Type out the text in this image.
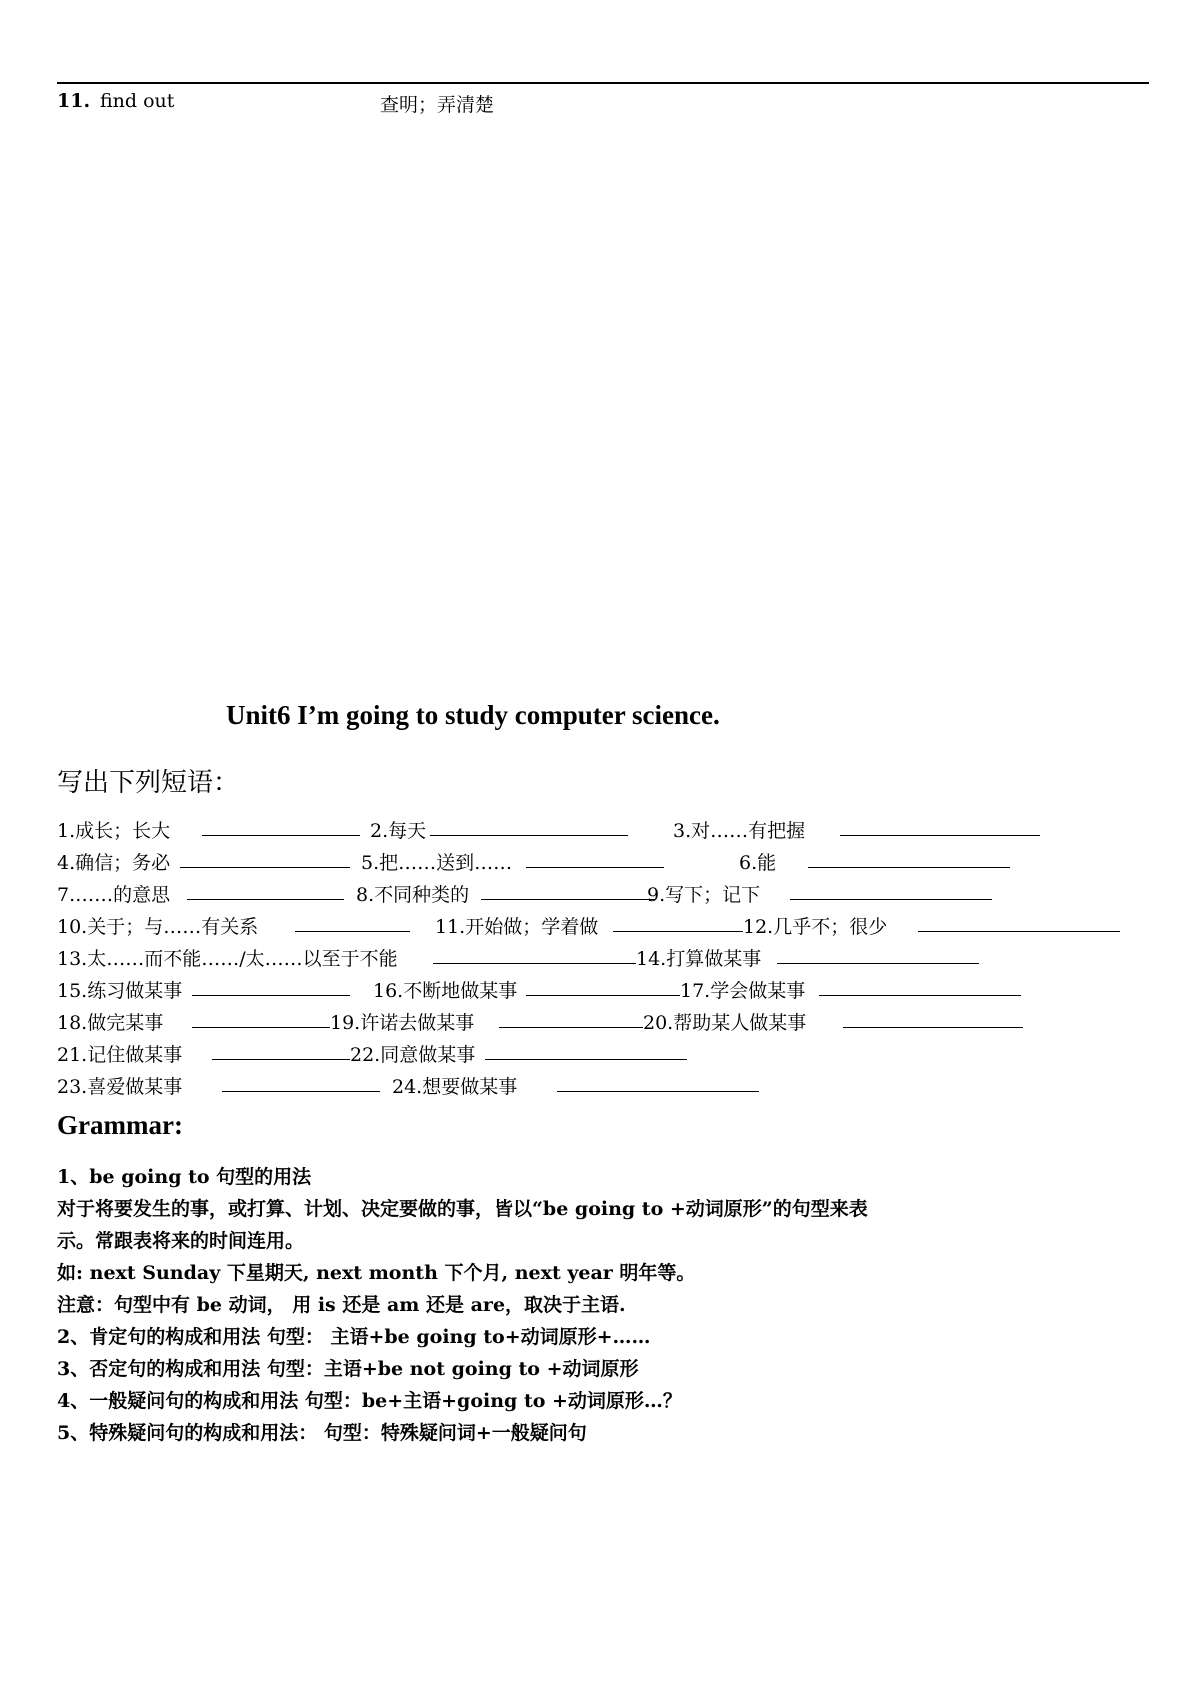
11. find out	查明；弄清楚
Unit6 I’m going to study computer science.
写出下列短语：
1.成长；长大	2.每天	3.对……有把握
4.确信；务必	5.把……送到……	6.能
7.……的意思	8.不同种类的	9.写下；记下
10.关于；与……有关系	11.开始做；学着做	12.几乎不；很少
13.太……而不能……/太……以至于不能	14.打算做某事
15.练习做某事	16.不断地做某事	17.学会做某事
18.做完某事	19.许诺去做某事	20.帮助某人做某事
21.记住做某事	22.同意做某事
23.喜爱做某事	24.想要做某事
Grammar:
1、be going to 句型的用法
对于将要发生的事，或打算、计划、决定要做的事，皆以“be going to +动词原形”的句型来表
示。常跟表将来的时间连用。
如: next Sunday 下星期天, next month 下个月, next year 明年等。
注意：句型中有 be 动词， 用 is 还是 am 还是 are，取决于主语.
2、肯定句的构成和用法 句型： 主语+be going to+动词原形+……
3、否定句的构成和用法 句型：主语+be not going to +动词原形
4、一般疑问句的构成和用法 句型：be+主语+going to +动词原形…？
5、特殊疑问句的构成和用法： 句型：特殊疑问词+一般疑问句
